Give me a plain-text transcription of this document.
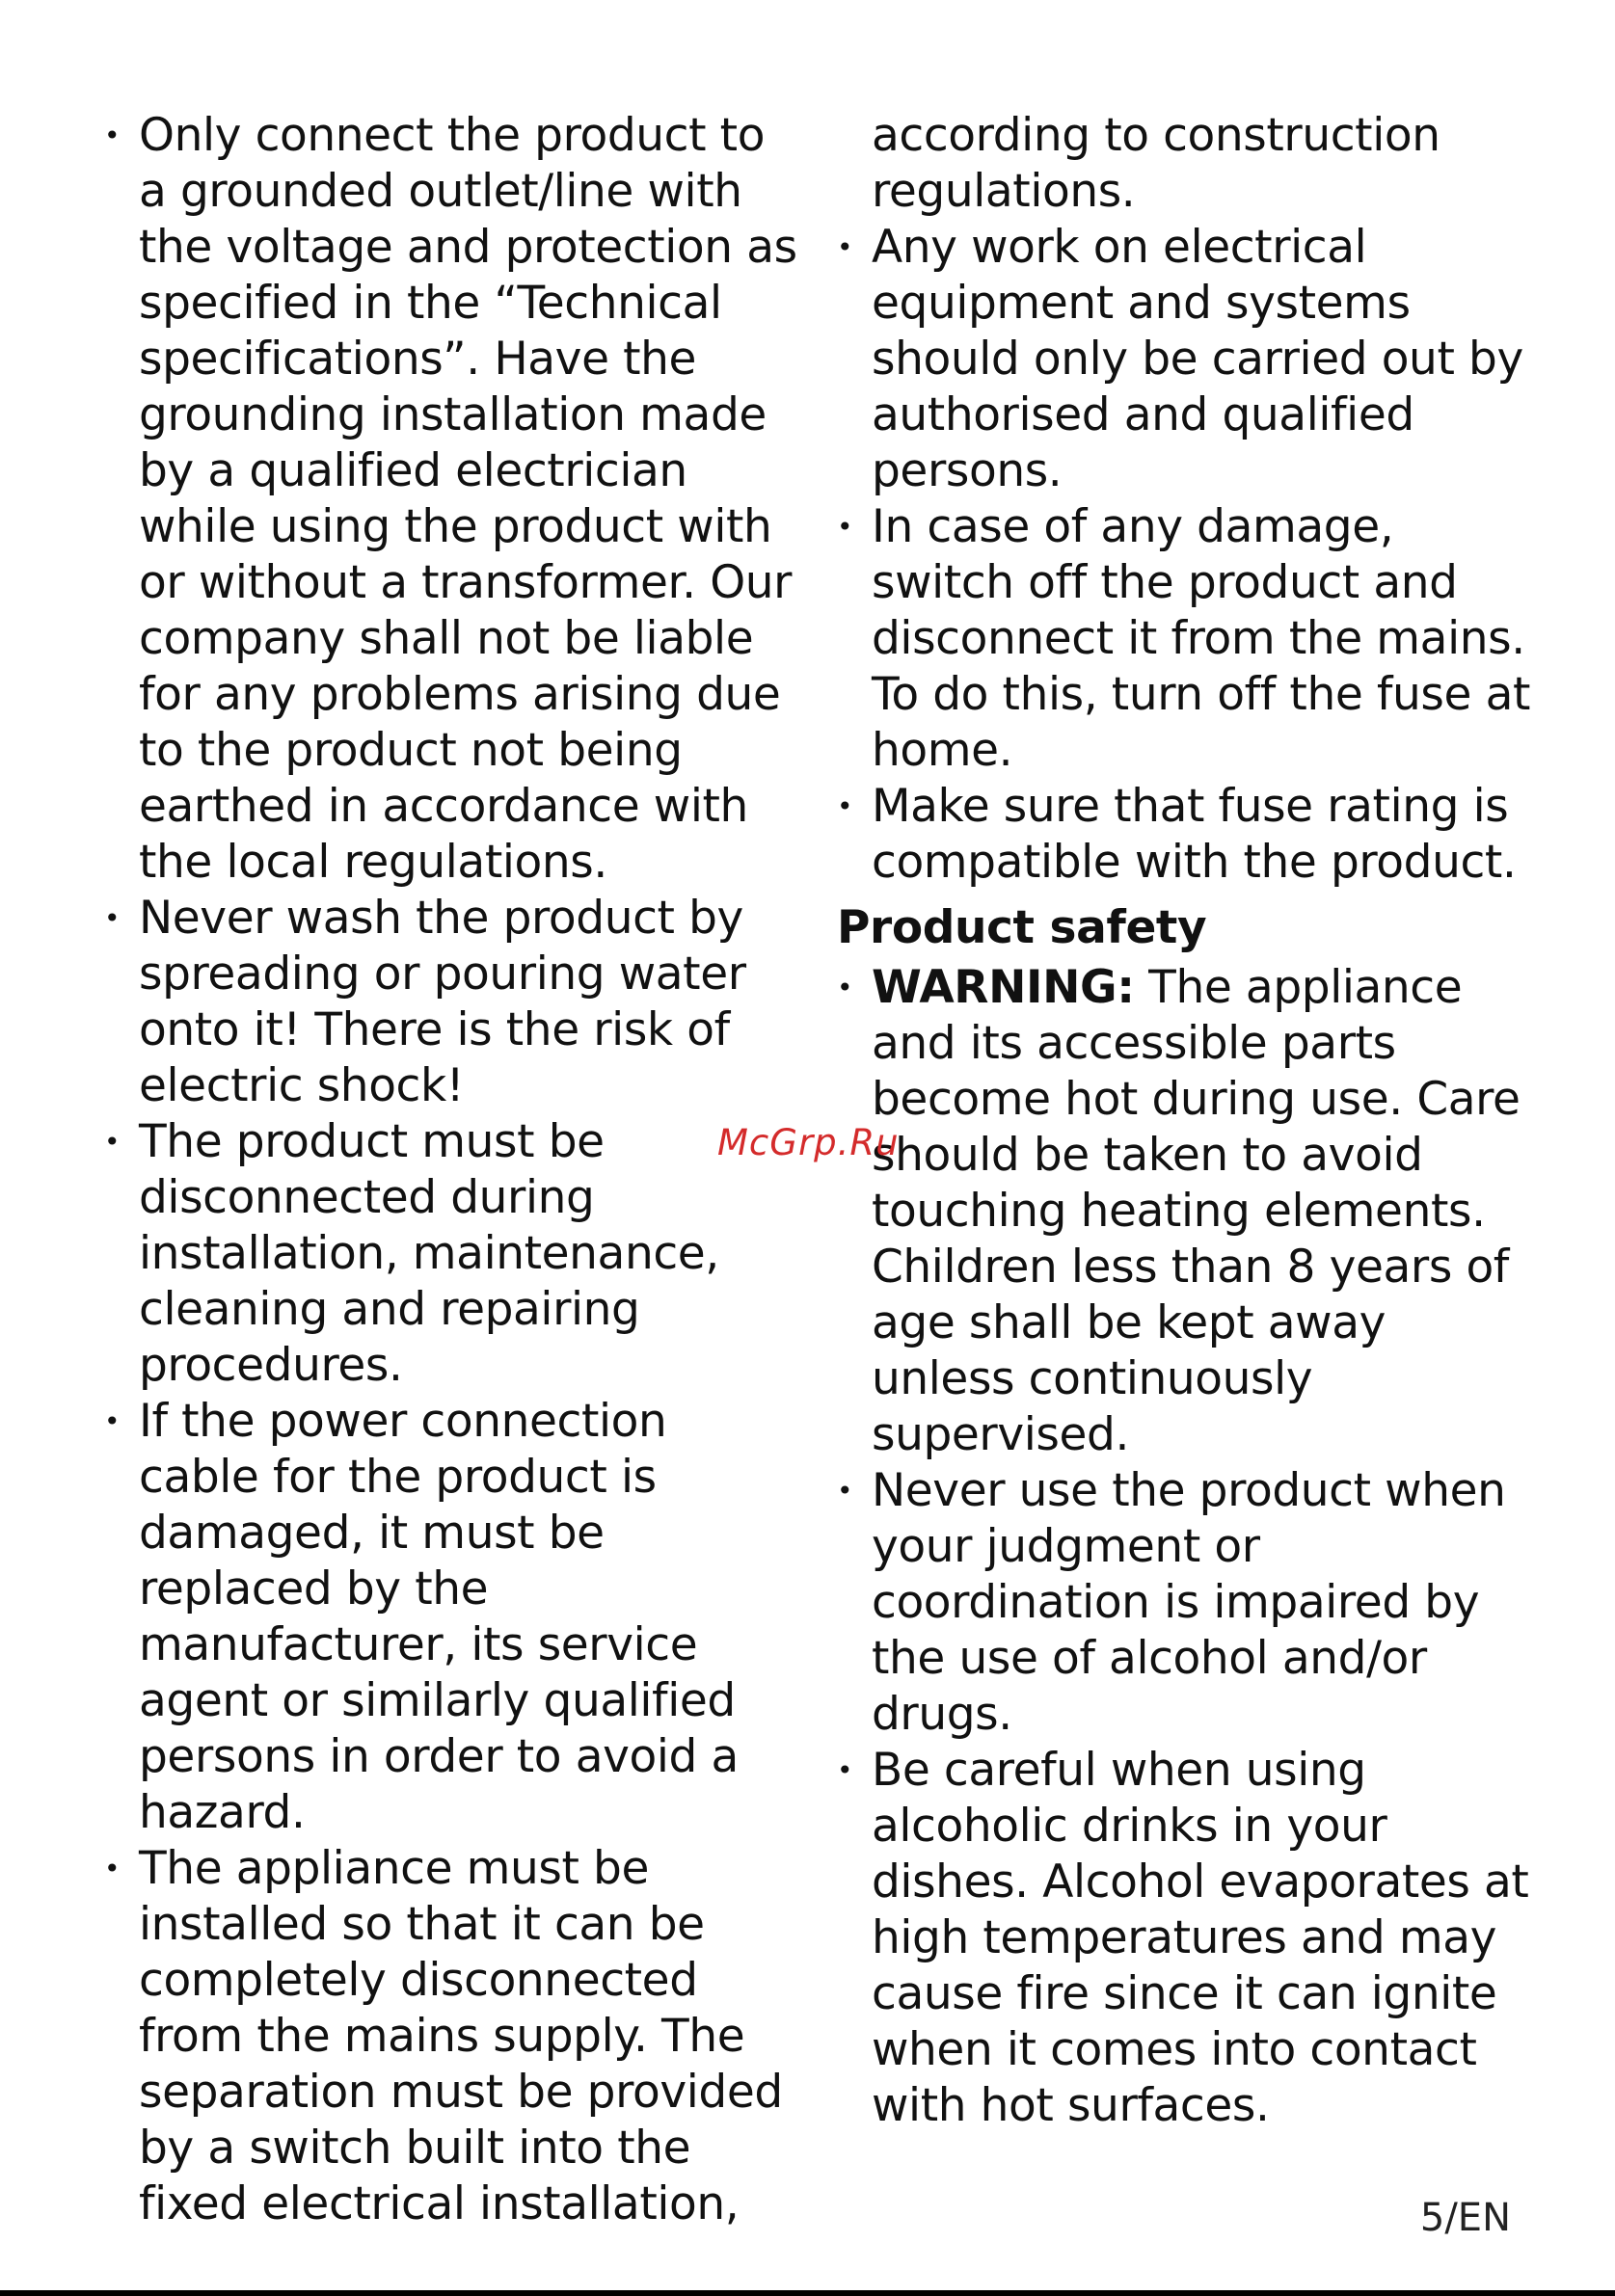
• Only connect the product to a grounded outlet/line with the voltage and protection as specified in the “Technical specifications”. Have the grounding installation made by a qualified electrician while using the product with or without a transformer. Our company shall not be liable for any problems arising due to the product not being earthed in accordance with the local regulations.
• Never wash the product by spreading or pouring water onto it! There is the risk of electric shock!
• The product must be disconnected during installation, maintenance, cleaning and repairing procedures.
• If the power connection cable for the product is damaged, it must be replaced by the manufacturer, its service agent or similarly qualified persons in order to avoid a hazard.
• The appliance must be installed so that it can be completely disconnected from the mains supply. The separation must be provided by a switch built into the fixed electrical installation,

according to construction regulations.

• Any work on electrical equipment and systems should only be carried out by authorised and qualified persons.
• In case of any damage, switch off the product and disconnect it from the mains. To do this, turn off the fuse at home.
• Make sure that fuse rating is compatible with the product.
Product safety
• WARNING: The appliance and its accessible parts become hot during use. Care should be taken to avoid touching heating elements. Children less than 8 years of age shall be kept away unless continuously supervised.
• Never use the product when your judgment or coordination is impaired by the use of alcohol and/or drugs.
• Be careful when using alcoholic drinks in your dishes. Alcohol evaporates at high temperatures and may cause fire since it can ignite when it comes into contact with hot surfaces.
McGrp.Ru
5/EN
